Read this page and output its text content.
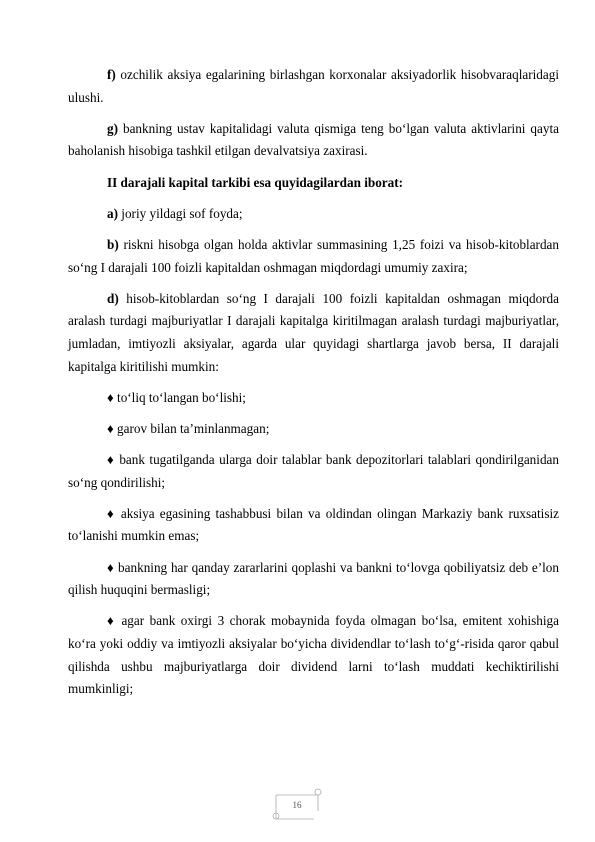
f) ozchilik aksiya egalarining birlashgan korxonalar aksiyadorlik hisobvaraqlaridagi ulushi.

g) bankning ustav kapitalidagi valuta qismiga teng bo‘lgan valuta aktivlarini qayta baholanish hisobiga tashkil etilgan devalvatsiya zaxirasi.

II darajali kapital tarkibi esa quyidagilardan iborat:

a) joriy yildagi sof foyda;

b) riskni hisobga olgan holda aktivlar summasining 1,25 foizi va hisob-kitoblardan so‘ng I darajali 100 foizli kapitaldan oshmagan miqdordagi umumiy zaxira;

d) hisob-kitoblardan so‘ng I darajali 100 foizli kapitaldan oshmagan miqdorda aralash turdagi majburiyatlar I darajali kapitalga kiritilmagan aralash turdagi majburiyatlar, jumladan, imtiyozli aksiyalar, agarda ular quyidagi shartlarga javob bersa, II darajali kapitalga kiritilishi mumkin:

♦ to‘liq to‘langan bo‘lishi;

♦ garov bilan ta’minlanmagan;

♦ bank tugatilganda ularga doir talablar bank depozitorlari talablari qondirilganidan so‘ng qondirilishi;

♦ aksiya egasining tashabbusi bilan va oldindan olingan Markaziy bank ruxsatisiz to‘lanishi mumkin emas;

♦ bankning har qanday zararlarini qoplashi va bankni to‘lovga qobiliyatsiz deb e’lon qilish huquqini bermasligi;

♦ agar bank oxirgi 3 chorak mobaynida foyda olmagan bo‘lsa, emitent xohishiga ko‘ra yoki oddiy va imtiyozli aksiyalar bo‘yicha dividendlar to‘lash to‘g‘-risida qaror qabul qilishda ushbu majburiyatlarga doir dividend larni to‘lash muddati kechiktirilishi mumkinligi;

16
